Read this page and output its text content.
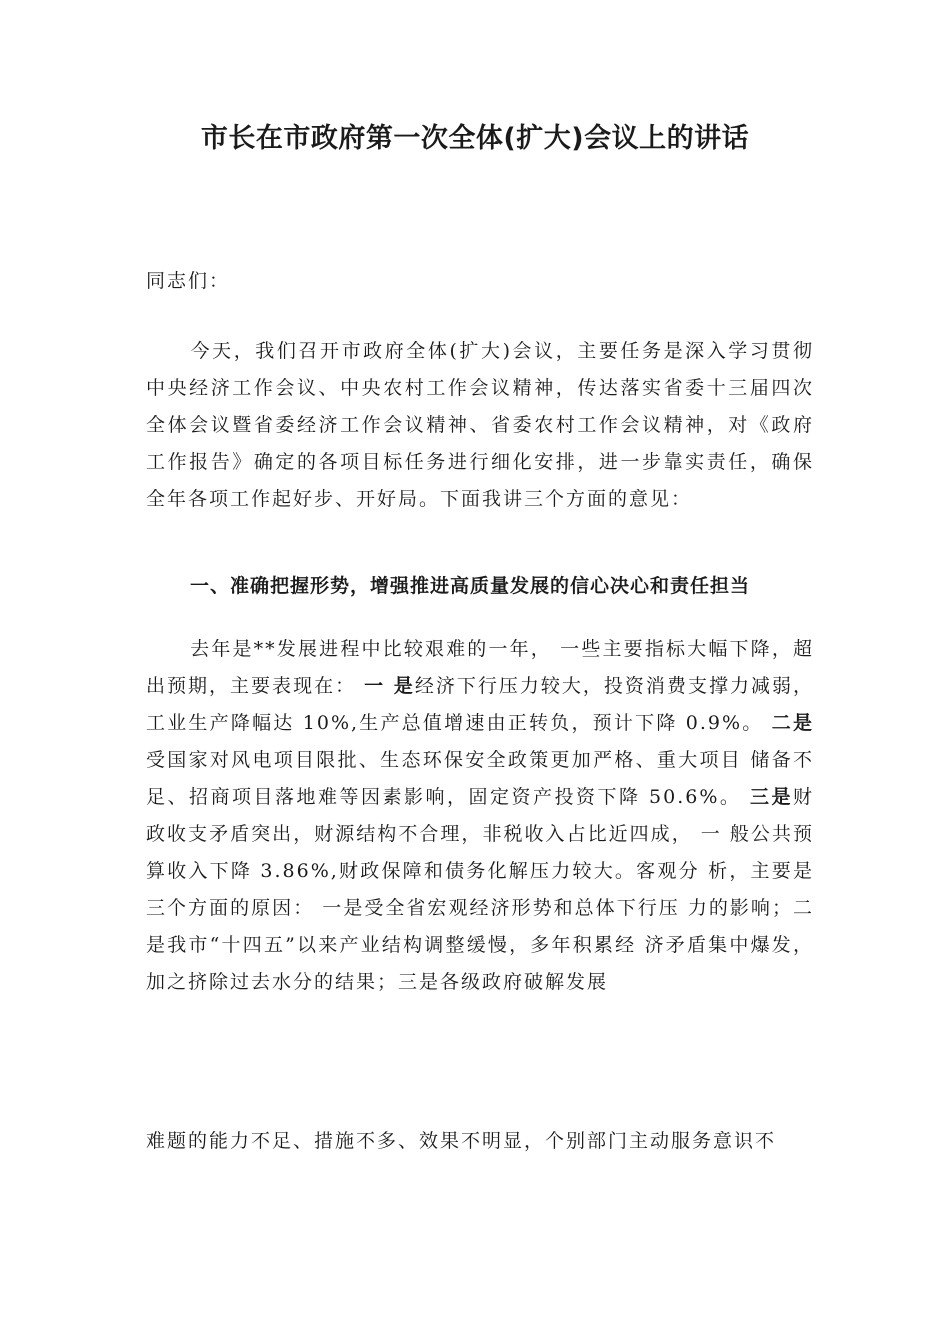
市长在市政府第一次全体(扩大)会议上的讲话

同志们：

今天，我们召开市政府全体(扩大)会议，主要任务是深入学习贯彻中央经济工作会议、中央农村工作会议精神，传达落实省委十三届四次全体会议暨省委经济工作会议精神、省委农村工作会议精神，对《政府工作报告》确定的各项目标任务进行细化安排，进一步靠实责任，确保全年各项工作起好步、开好局。下面我讲三个方面的意见：

一、准确把握形势，增强推进高质量发展的信心决心和责任担当

去年是**发展进程中比较艰难的一年， 一些主要指标大幅下降，超出预期，主要表现在： 一 是经济下行压力较大，投资消费支撑力减弱，工业生产降幅达 10%,生产总值增速由正转负，预计下降 0.9%。 二是受国家对风电项目限批、生态环保安全政策更加严格、重大项目 储备不足、招商项目落地难等因素影响，固定资产投资下降 50.6%。 三是财政收支矛盾突出，财源结构不合理，非税收入占比近四成， 一 般公共预算收入下降 3.86%,财政保障和债务化解压力较大。客观分 析，主要是三个方面的原因： 一是受全省宏观经济形势和总体下行压 力的影响；二是我市“十四五”以来产业结构调整缓慢，多年积累经 济矛盾集中爆发，加之挤除过去水分的结果；三是各级政府破解发展

难题的能力不足、措施不多、效果不明显，个别部门主动服务意识不
